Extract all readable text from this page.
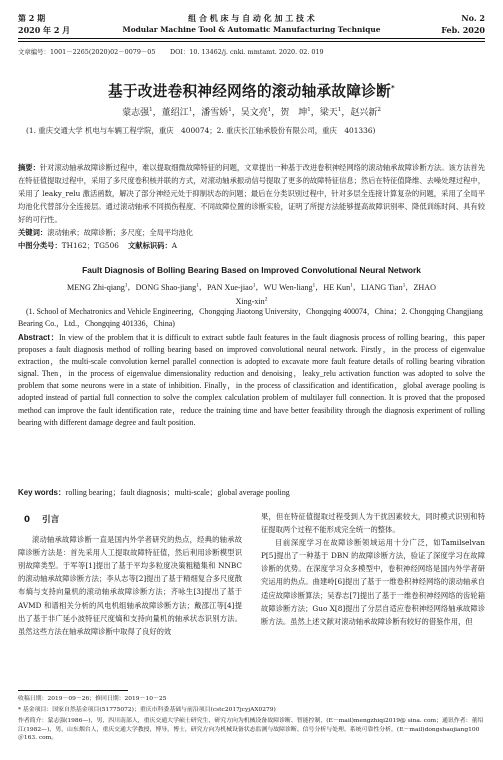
第 2 期	组 合 机 床 与 自 动 化 加 工 技 术	No. 2
2020 年 2 月	Modular Machine Tool & Automatic Manufacturing Technique	Feb. 2020
文章编号：1001－2265(2020)02－0079－05 DOI：10. 13462/j. cnki. mmtamt. 2020. 02. 019
基于改进卷积神经网络的滚动轴承故障诊断*
蒙志强$^1$，董绍江$^1$，潘雪娇$^1$，吴文亮$^1$，贺　坤$^1$，梁天$^1$，赵兴新$^2$
(1. 重庆交通大学 机电与车辆工程学院，重庆　400074；2. 重庆长江轴承股份有限公司，重庆　401336)
摘要：针对滚动轴承故障诊断过程中，难以提取细微故障特征的问题，文章提出一种基于改进卷积神经网络的滚动轴承故障诊断方法。该方法首先在特征值提取过程中，采用了多尺度卷积核并联的方式，对滚动轴承振动信号提取了更多的故障特征信息；然后在特征值降维、去噪处理过程中，采用了 leaky_relu 激活函数，解决了部分神经元处于抑制状态的问题；最后在分类识别过程中，针对多层全连接计算复杂的问题，采用了全局平均池化代替部分全连接层。通过滚动轴承不同损伤程度、不同故障位置的诊断实验，证明了所提方法能够提高故障识别率、降低训练时间、具有较好的可行性。
关键词：滚动轴承；故障诊断；多尺度；全局平均池化
中图分类号：TH162；TG506 文献标识码：A
Fault Diagnosis of Bolling Bearing Based on Improved Convolutional Neural Network
MENG Zhi-qiang$^1$，DONG Shao-jiang$^1$，PAN Xue-jiao$^1$，WU Wen-liang$^1$，HE Kun$^1$，LIANG Tian$^1$，ZHAO Xing-xin$^2$
(1. School of Mechatronics and Vehicle Engineering，Chongqing Jiaotong University，Chongqing 400074，China；2. Chongqing Changjiang Bearing Co.，Ltd.，Chongqing 401336，China)
Abstract：In view of the problem that it is difficult to extract subtle fault features in the fault diagnosis process of rolling bearing，this paper proposes a fault diagnosis method of rolling bearing based on improved convolutional neural network. Firstly，in the process of eigenvalue extraction，the multi-scale convolution kernel parallel connection is adopted to excavate more fault feature details of rolling bearing vibration signal. Then，in the process of eigenvalue dimensionality reduction and denoising，leaky_relu activation function was adopted to solve the problem that some neurons were in a state of inhibition. Finally，in the process of classification and identification，global average pooling is adopted instead of partial full connection to solve the complex calculation problem of multilayer full connection. It is proved that the proposed method can improve the fault identification rate，reduce the training time and have better feasibility through the diagnosis experiment of rolling bearing with different damage degree and fault position.
Key words：rolling bearing；fault diagnosis；multi-scale；global average pooling
0 引言

滚动轴承故障诊断一直是国内外学者研究的热点，经典的轴承故障诊断方法是：首先采用人工提取故障特征值，然后利用诊断模型识别故障类型。于军等[1]提出了基于平均多粒度决策粗糙集和 NNBC 的滚动轴承故障诊断方法；李从志等[2]提出了基于精细复合多尺度散布熵与支持向量机的滚动轴承故障诊断方法；齐咏生[3]提出了基于 AVMD 和谱相关分析的风电机组轴承故障诊断方法；戴邵江等[4]提出了基于非广延小波特征尺度熵和支持向量机的轴承状态识别方法。虽然这些方法在轴承故障诊断中取得了良好的效

果，但在特征值提取过程受到人为干扰因素较大，同时模式识别和特征提取两个过程不能形成完全统一的整体。

目前深度学习在故障诊断领域运用十分广泛，如Tamilselvan P[5]提出了一种基于 DBN 的故障诊断方法，验证了深度学习在故障诊断的优势。在深度学习众多模型中，卷积神经网络是国内外学者研究运用的热点。曲建岭[6]提出了基于一维卷积神经网络的滚动轴承自适应故障诊断算法；吴春志[7]提出了基于一维卷积神经网络的齿轮箱故障诊断方法；Guo X[8]提出了分层自适应卷积神经网络轴承故障诊断方法。虽然上述文献对滚动轴承故障诊断有较好的借鉴作用，但

收稿日期：2019－09－26；修回日期：2019－10－25
* 基金项目：国家自然基金项目(51775072)；重庆市科委基础与前沿项目(cstc2017jcyjAX0279)
作者简介：蒙志强(1986—)，男，四川南部人，重庆交通大学硕士研究生，研究方向为机械设备故障诊断、智能控制，(E－mail)mengzhiqi2019@ sina. com；通讯作者：董绍江(1982—)，男，山东烟台人，重庆交通大学教授，博导，博士，研究方向为机械设备状态监测与故障诊断、信号分析与处理、系统可靠性分析，(E－mail)dongshaojiang100＠163. com。
